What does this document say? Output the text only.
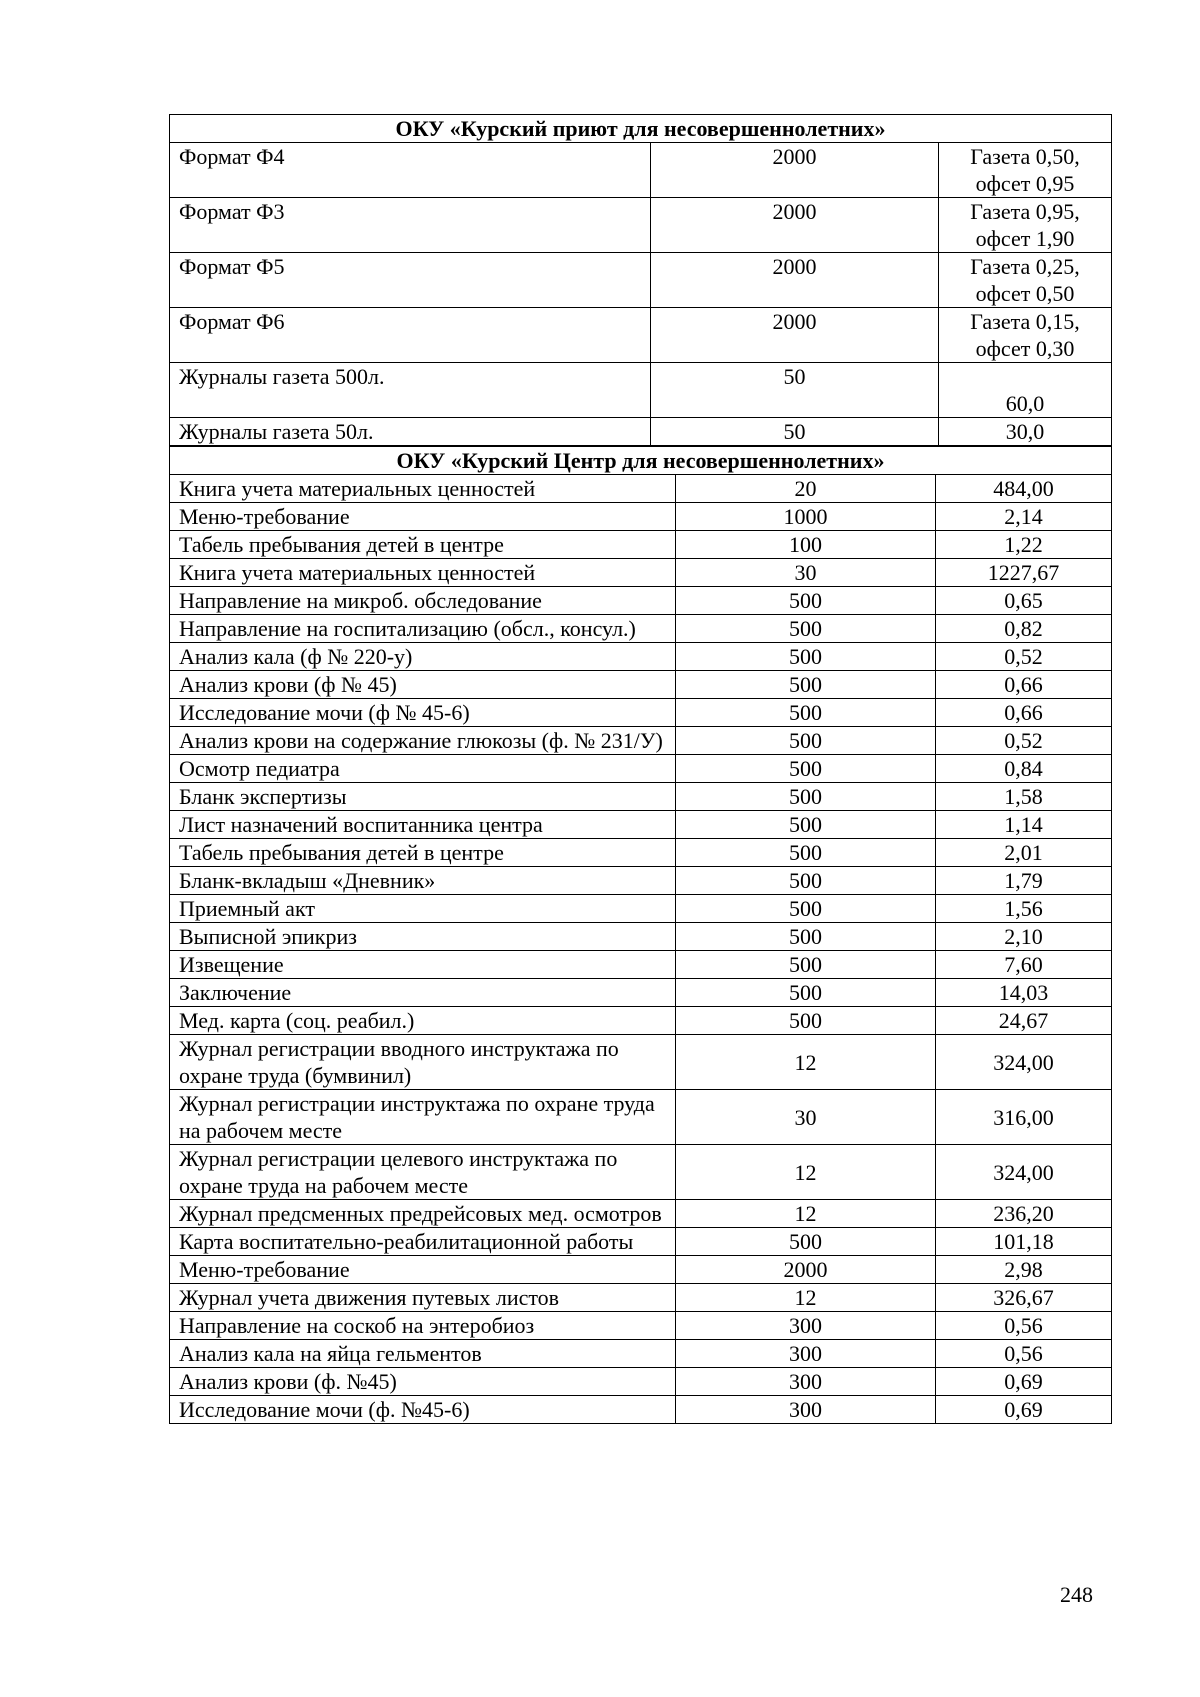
ОКУ «Курский приют для несовершеннолетних»		
Формат Ф4	2000	Газета 0,50,
офсет 0,95

Формат Ф3	2000	Газета 0,95,
офсет 1,90

Формат Ф5	2000	Газета 0,25,
офсет 0,50

Формат Ф6	2000	Газета 0,15,
офсет 0,30

Журналы газета 500л.	50	60,0

Журналы газета 50л.	50	30,0
ОКУ «Курский Центр для несовершеннолетних»		
Книга учета материальных ценностей	20	484,00
Меню-требование	1000	2,14
Табель пребывания детей в центре	100	1,22
Книга учета материальных ценностей	30	1227,67
Направление на микроб. обследование	500	0,65
Направление на госпитализацию (обсл., консул.)	500	0,82
Анализ кала (ф № 220-у)	500	0,52
Анализ крови (ф № 45)	500	0,66
Исследование мочи (ф № 45-6)	500	0,66
Анализ крови на содержание глюкозы (ф. № 231/У)	500	0,52
Осмотр педиатра	500	0,84
Бланк экспертизы	500	1,58
Лист назначений воспитанника центра	500	1,14
Табель пребывания детей в центре	500	2,01
Бланк-вкладыш «Дневник»	500	1,79
Приемный акт	500	1,56
Выписной эпикриз	500	2,10
Извещение	500	7,60
Заключение	500	14,03
Мед. карта (соц. реабил.)	500	24,67
Журнал регистрации вводного инструктажа по охране труда (бумвинил)	12	324,00
Журнал регистрации инструктажа по охране труда на рабочем месте	30	316,00
Журнал регистрации целевого инструктажа по охране труда на рабочем месте	12	324,00
Журнал предсменных предрейсовых мед. осмотров	12	236,20
Карта воспитательно-реабилитационной работы	500	101,18
Меню-требование	2000	2,98
Журнал учета движения путевых листов	12	326,67
Направление на соскоб на энтеробиоз	300	0,56
Анализ кала на яйца гельментов	300	0,56
Анализ крови (ф. №45)	300	0,69
Исследование мочи (ф. №45-6)	300	0,69
248
